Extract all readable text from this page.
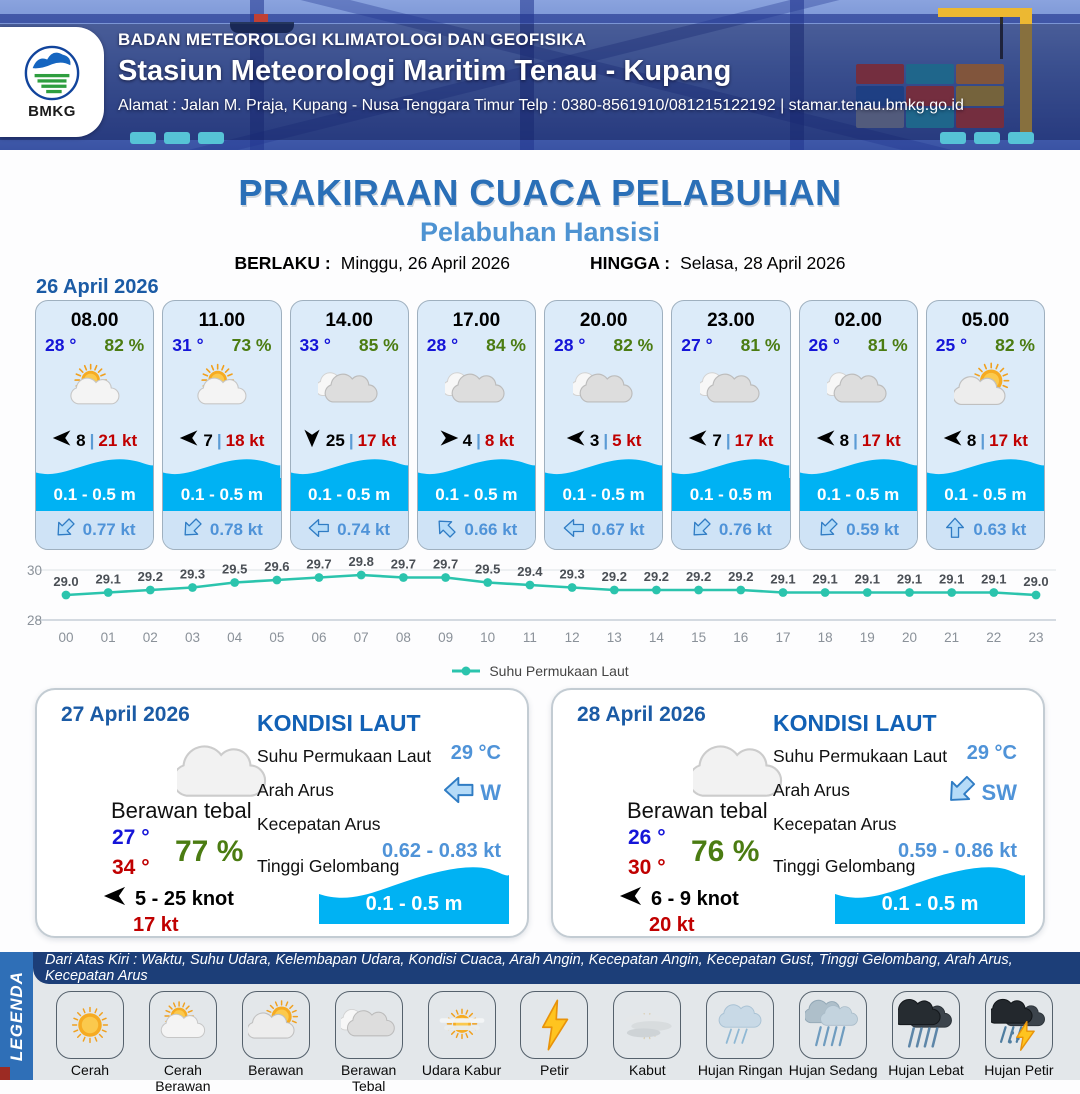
BMKG
BADAN METEOROLOGI KLIMATOLOGI DAN GEOFISIKA
Stasiun Meteorologi Maritim Tenau - Kupang
Alamat : Jalan M. Praja, Kupang - Nusa Tenggara Timur Telp : 0380-8561910/081215122192 | stamar.tenau.bmkg.go.id
PRAKIRAAN CUACA PELABUHAN
Pelabuhan Hansisi
BERLAKU : Minggu, 26 April 2026	HINGGA : Selasa, 28 April 2026
26 April 2026
08.00
28 ° 82 %
8 | 21 kt
0.1 - 0.5 m
0.77 kt
11.00
31 ° 73 %
7 | 18 kt
0.1 - 0.5 m
0.78 kt
14.00
33 ° 85 %
25 | 17 kt
0.1 - 0.5 m
0.74 kt
17.00
28 ° 84 %
4 | 8 kt
0.1 - 0.5 m
0.66 kt
20.00
28 ° 82 %
3 | 5 kt
0.1 - 0.5 m
0.67 kt
23.00
27 ° 81 %
7 | 17 kt
0.1 - 0.5 m
0.76 kt
02.00
26 ° 81 %
8 | 17 kt
0.1 - 0.5 m
0.59 kt
05.00
25 ° 82 %
8 | 17 kt
0.1 - 0.5 m
0.63 kt
30
28
29.0
00
29.1
01
29.2
02
29.3
03
29.5
04
29.6
05
29.7
06
29.8
07
29.7
08
29.7
09
29.5
10
29.4
11
29.3
12
29.2
13
29.2
14
29.2
15
29.2
16
29.1
17
29.1
18
29.1
19
29.1
20
29.1
21
29.1
22
29.0
23
Suhu Permukaan Laut
27 April 2026
Berawan tebal
27 °
34 ° 77 %
5 - 25 knot
17 kt
KONDISI LAUT
Suhu Permukaan Laut 29 °C
Arah Arus	W
Kecepatan Arus
0.62 - 0.83 kt
Tinggi Gelombang
0.1 - 0.5 m
28 April 2026
Berawan tebal
26 °
30 ° 76 %
6 - 9 knot
20 kt
KONDISI LAUT
Suhu Permukaan Laut 29 °C
Arah Arus	SW
Kecepatan Arus
0.59 - 0.86 kt
Tinggi Gelombang
0.1 - 0.5 m
LEGENDA
Dari Atas Kiri : Waktu, Suhu Udara, Kelembapan Udara, Kondisi Cuaca, Arah Angin, Kecepatan Angin, Kecepatan Gust, Tinggi Gelombang, Arah Arus, Kecepatan Arus
Cerah	Cerah Berawan
Berawan	Berawan Tebal
Udara Kabur	Petir	Kabut	Hujan Ringan Hujan Sedang Hujan Lebat	Hujan Petir
